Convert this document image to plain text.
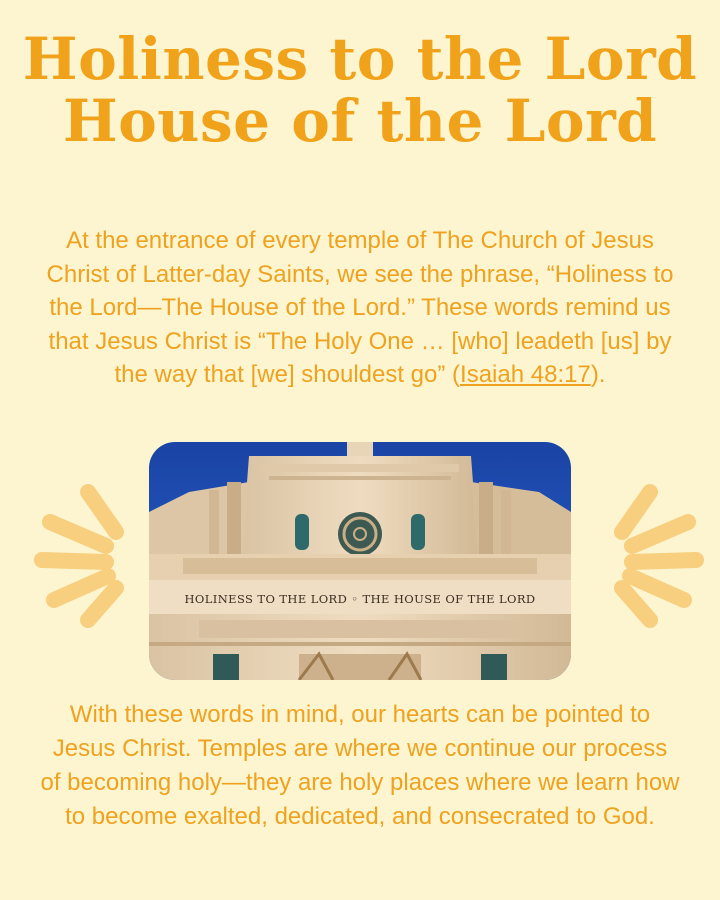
Holiness to the Lord
House of the Lord

At the entrance of every temple of The Church of Jesus Christ of Latter-day Saints, we see the phrase, “Holiness to the Lord—The House of the Lord.” These words remind us that Jesus Christ is “The Holy One … [who] leadeth [us] by the way that [we] shouldest go” (Isaiah 48:17).

HOLINESS TO THE LORD ◦ THE HOUSE OF THE LORD

With these words in mind, our hearts can be pointed to Jesus Christ. Temples are where we continue our process of becoming holy—they are holy places where we learn how to become exalted, dedicated, and consecrated to God.
